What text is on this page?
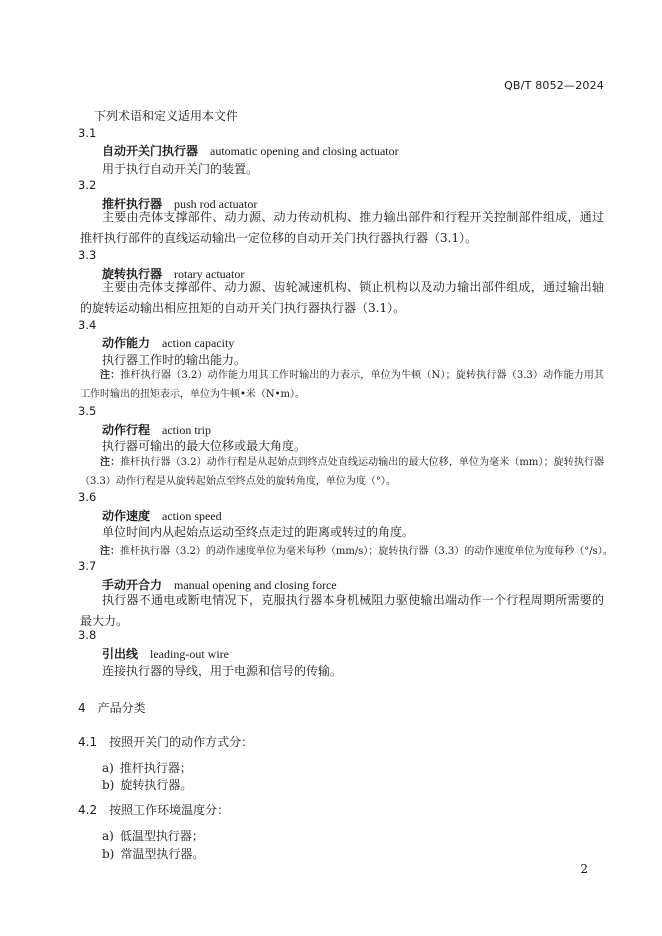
QB/T 8052—2024
下列术语和定义适用本文件
3.1
自动开关门执行器 automatic opening and closing actuator
用于执行自动开关门的装置。
3.2
推杆执行器 push rod actuator
主要由壳体支撑部件、动力源、动力传动机构、推力输出部件和行程开关控制部件组成，通过推杆执行部件的直线运动输出一定位移的自动开关门执行器执行器（3.1）。
3.3
旋转执行器 rotary actuator
主要由壳体支撑部件、动力源、齿轮减速机构、锁止机构以及动力输出部件组成，通过输出轴的旋转运动输出相应扭矩的自动开关门执行器执行器（3.1）。
3.4
动作能力 action capacity
执行器工作时的输出能力。
注：推杆执行器（3.2）动作能力用其工作时输出的力表示，单位为牛顿（N）；旋转执行器（3.3）动作能力用其工作时输出的扭矩表示，单位为牛顿•米（N•m）。
3.5
动作行程 action trip
执行器可输出的最大位移或最大角度。
注：推杆执行器（3.2）动作行程是从起始点到终点处直线运动输出的最大位移，单位为毫米（mm）；旋转执行器（3.3）动作行程是从旋转起始点至终点处的旋转角度，单位为度（°）。
3.6
动作速度 action speed
单位时间内从起始点运动至终点走过的距离或转过的角度。
注：推杆执行器（3.2）的动作速度单位为毫米每秒（mm/s）；旋转执行器（3.3）的动作速度单位为度每秒（°/s）。
3.7
手动开合力 manual opening and closing force
执行器不通电或断电情况下，克服执行器本身机械阻力驱使输出端动作一个行程周期所需要的最大力。
3.8
引出线 leading-out wire
连接执行器的导线，用于电源和信号的传输。
4 产品分类
4.1 按照开关门的动作方式分：
a) 推杆执行器；
b) 旋转执行器。
4.2 按照工作环境温度分：
a) 低温型执行器；
b) 常温型执行器。
2
